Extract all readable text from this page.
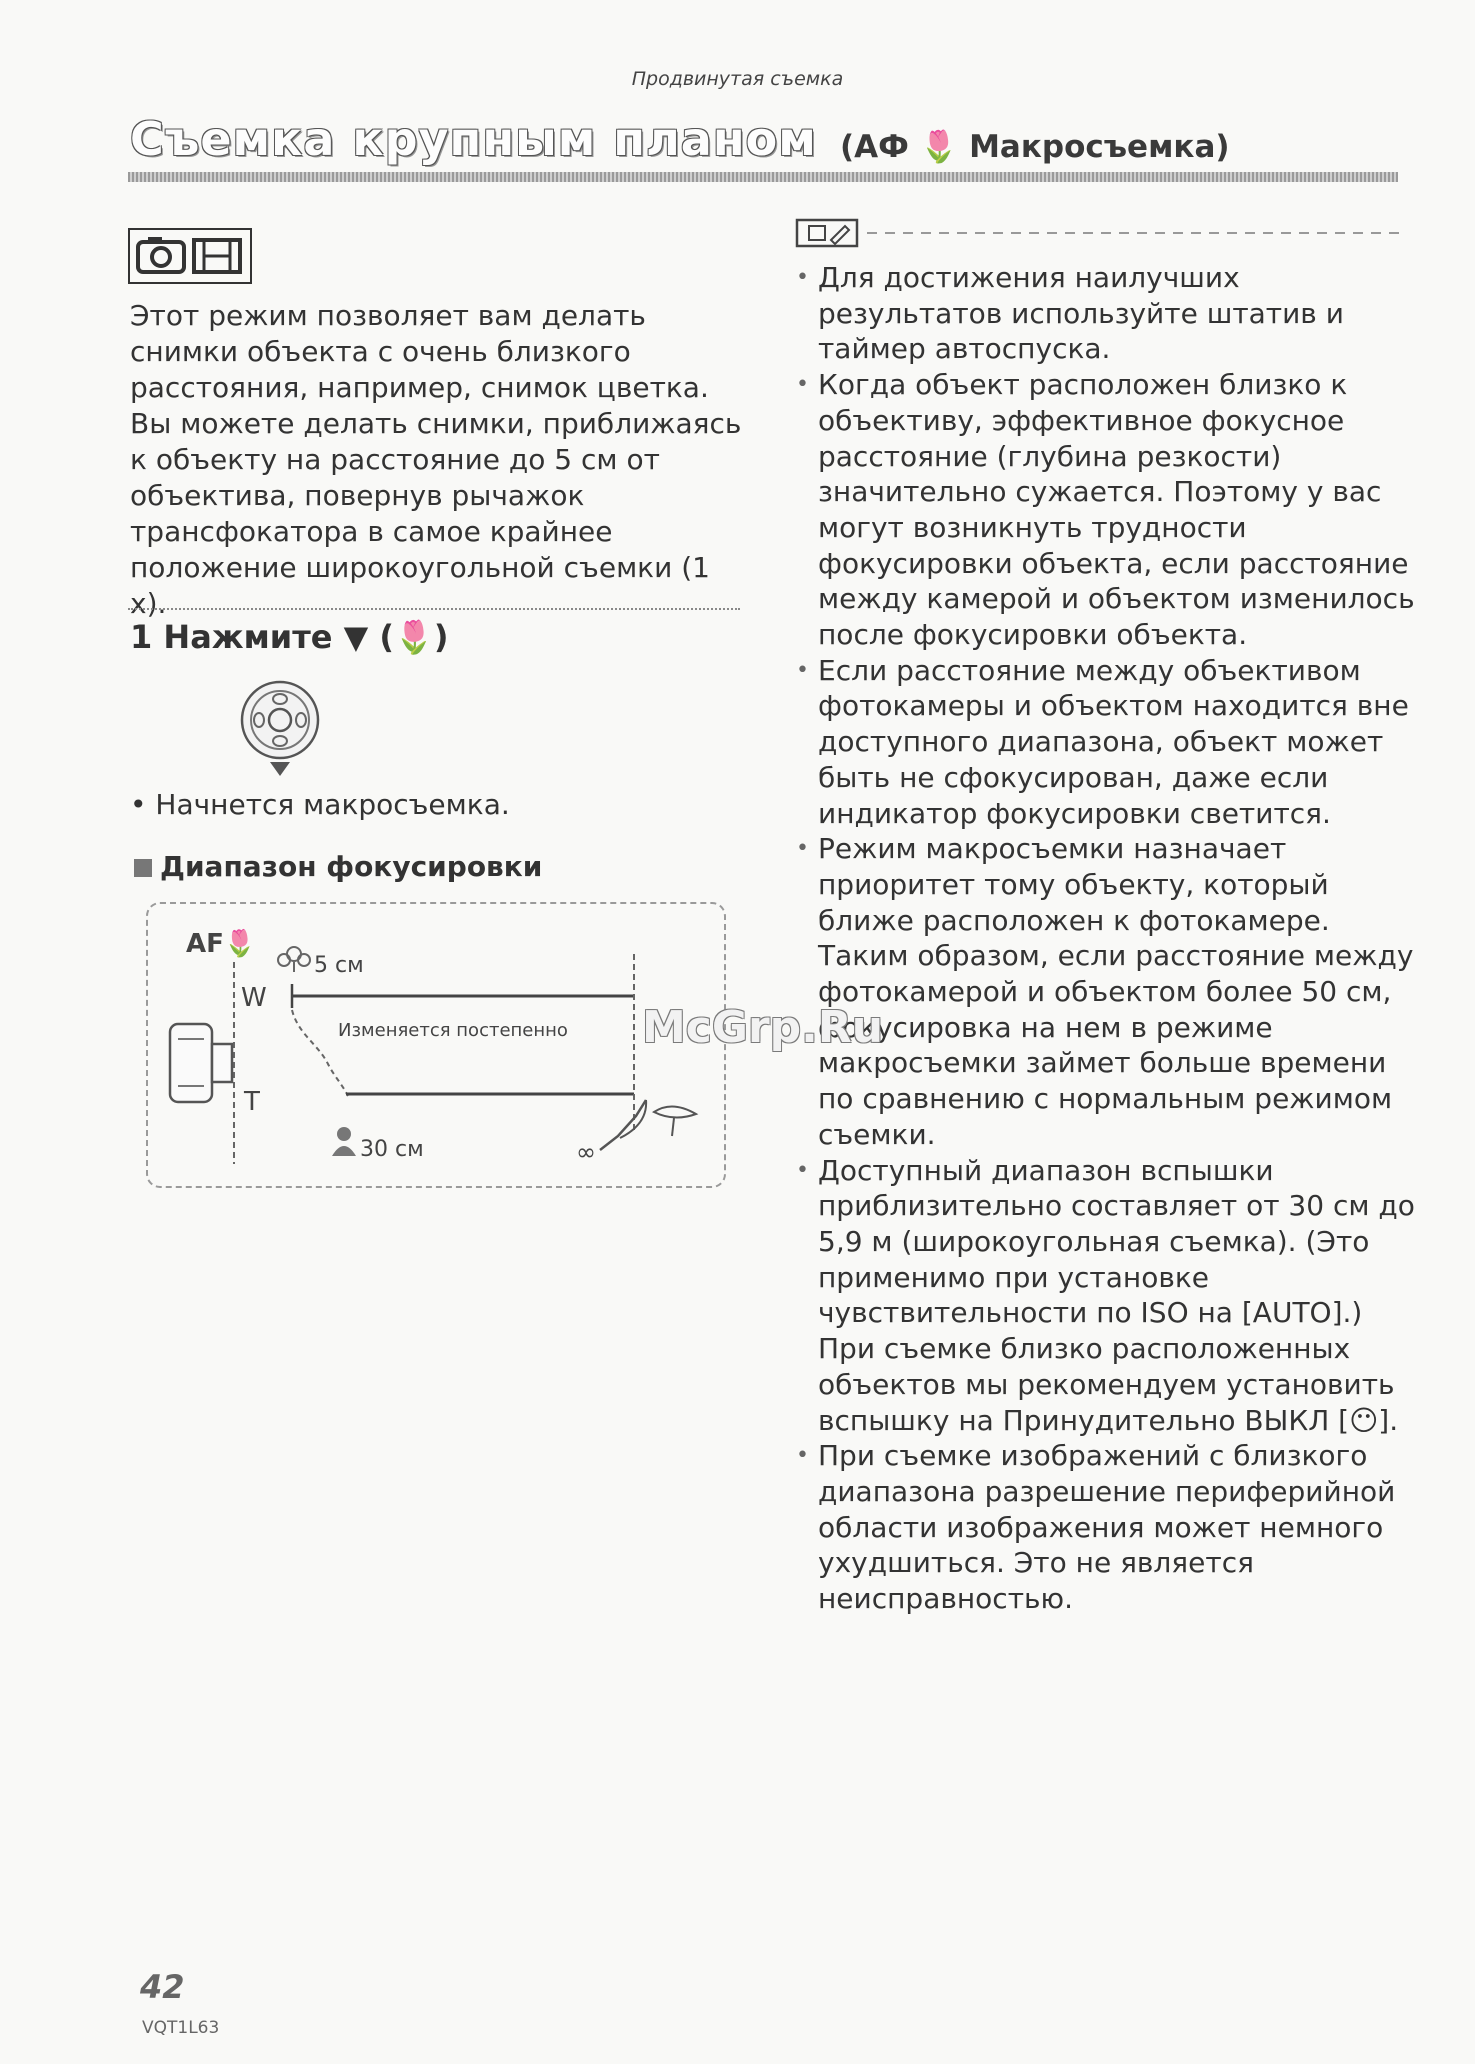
Продвинутая съемка
Съемка крупным планом (АФ 🌷 Макросъемка)

Этот режим позволяет вам делать снимки объекта с очень близкого расстояния, например, снимок цветка. Вы можете делать снимки, приближаясь к объекту на расстояние до 5 см от объектива, повернув рычажок трансфокатора в самое крайнее положение широкоугольной съемки (1 x).

1 Нажмите ▼ (🌷)
• Начнется макросъемка.
Диапазон фокусировки
AF🌷
W
T
5 см
Изменяется постепенно
30 см	∞
• Для достижения наилучших результатов используйте штатив и таймер автоспуска.
• Когда объект расположен близко к объективу, эффективное фокусное расстояние (глубина резкости) значительно сужается. Поэтому у вас могут возникнуть трудности фокусировки объекта, если расстояние между камерой и объектом изменилось после фокусировки объекта.
• Если расстояние между объективом фотокамеры и объектом находится вне доступного диапазона, объект может быть не сфокусирован, даже если индикатор фокусировки светится.
• Режим макросъемки назначает приоритет тому объекту, который ближе расположен к фотокамере. Таким образом, если расстояние между фотокамерой и объектом более 50 см, фокусировка на нем в режиме макросъемки займет больше времени по сравнению с нормальным режимом съемки.
• Доступный диапазон вспышки приблизительно составляет от 30 см до 5,9 м (широкоугольная съемка). (Это применимо при установке чувствительности по ISO на [AUTO].) При съемке близко расположенных объектов мы рекомендуем установить вспышку на Принудительно ВЫКЛ [😶].
• При съемке изображений с близкого диапазона разрешение периферийной области изображения может немного ухудшиться. Это не является неисправностью.
McGrp.Ru
42
VQT1L63
